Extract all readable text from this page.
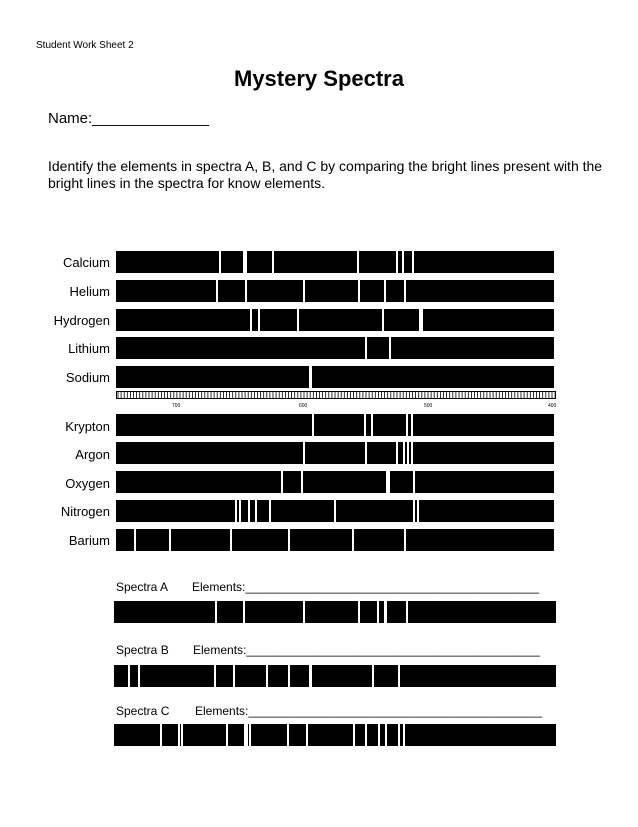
Student Work Sheet 2
Mystery Spectra
Name:______________
Identify the elements in spectra A, B, and C by comparing the bright lines present with the bright lines in the spectra for know elements.
Calcium
Helium
Hydrogen
Lithium
Sodium
700	600	500	400
Krypton
Argon
Oxygen
Nitrogen
Barium
Spectra A Elements:____________________________________________
Spectra B Elements:____________________________________________
Spectra C Elements:____________________________________________
